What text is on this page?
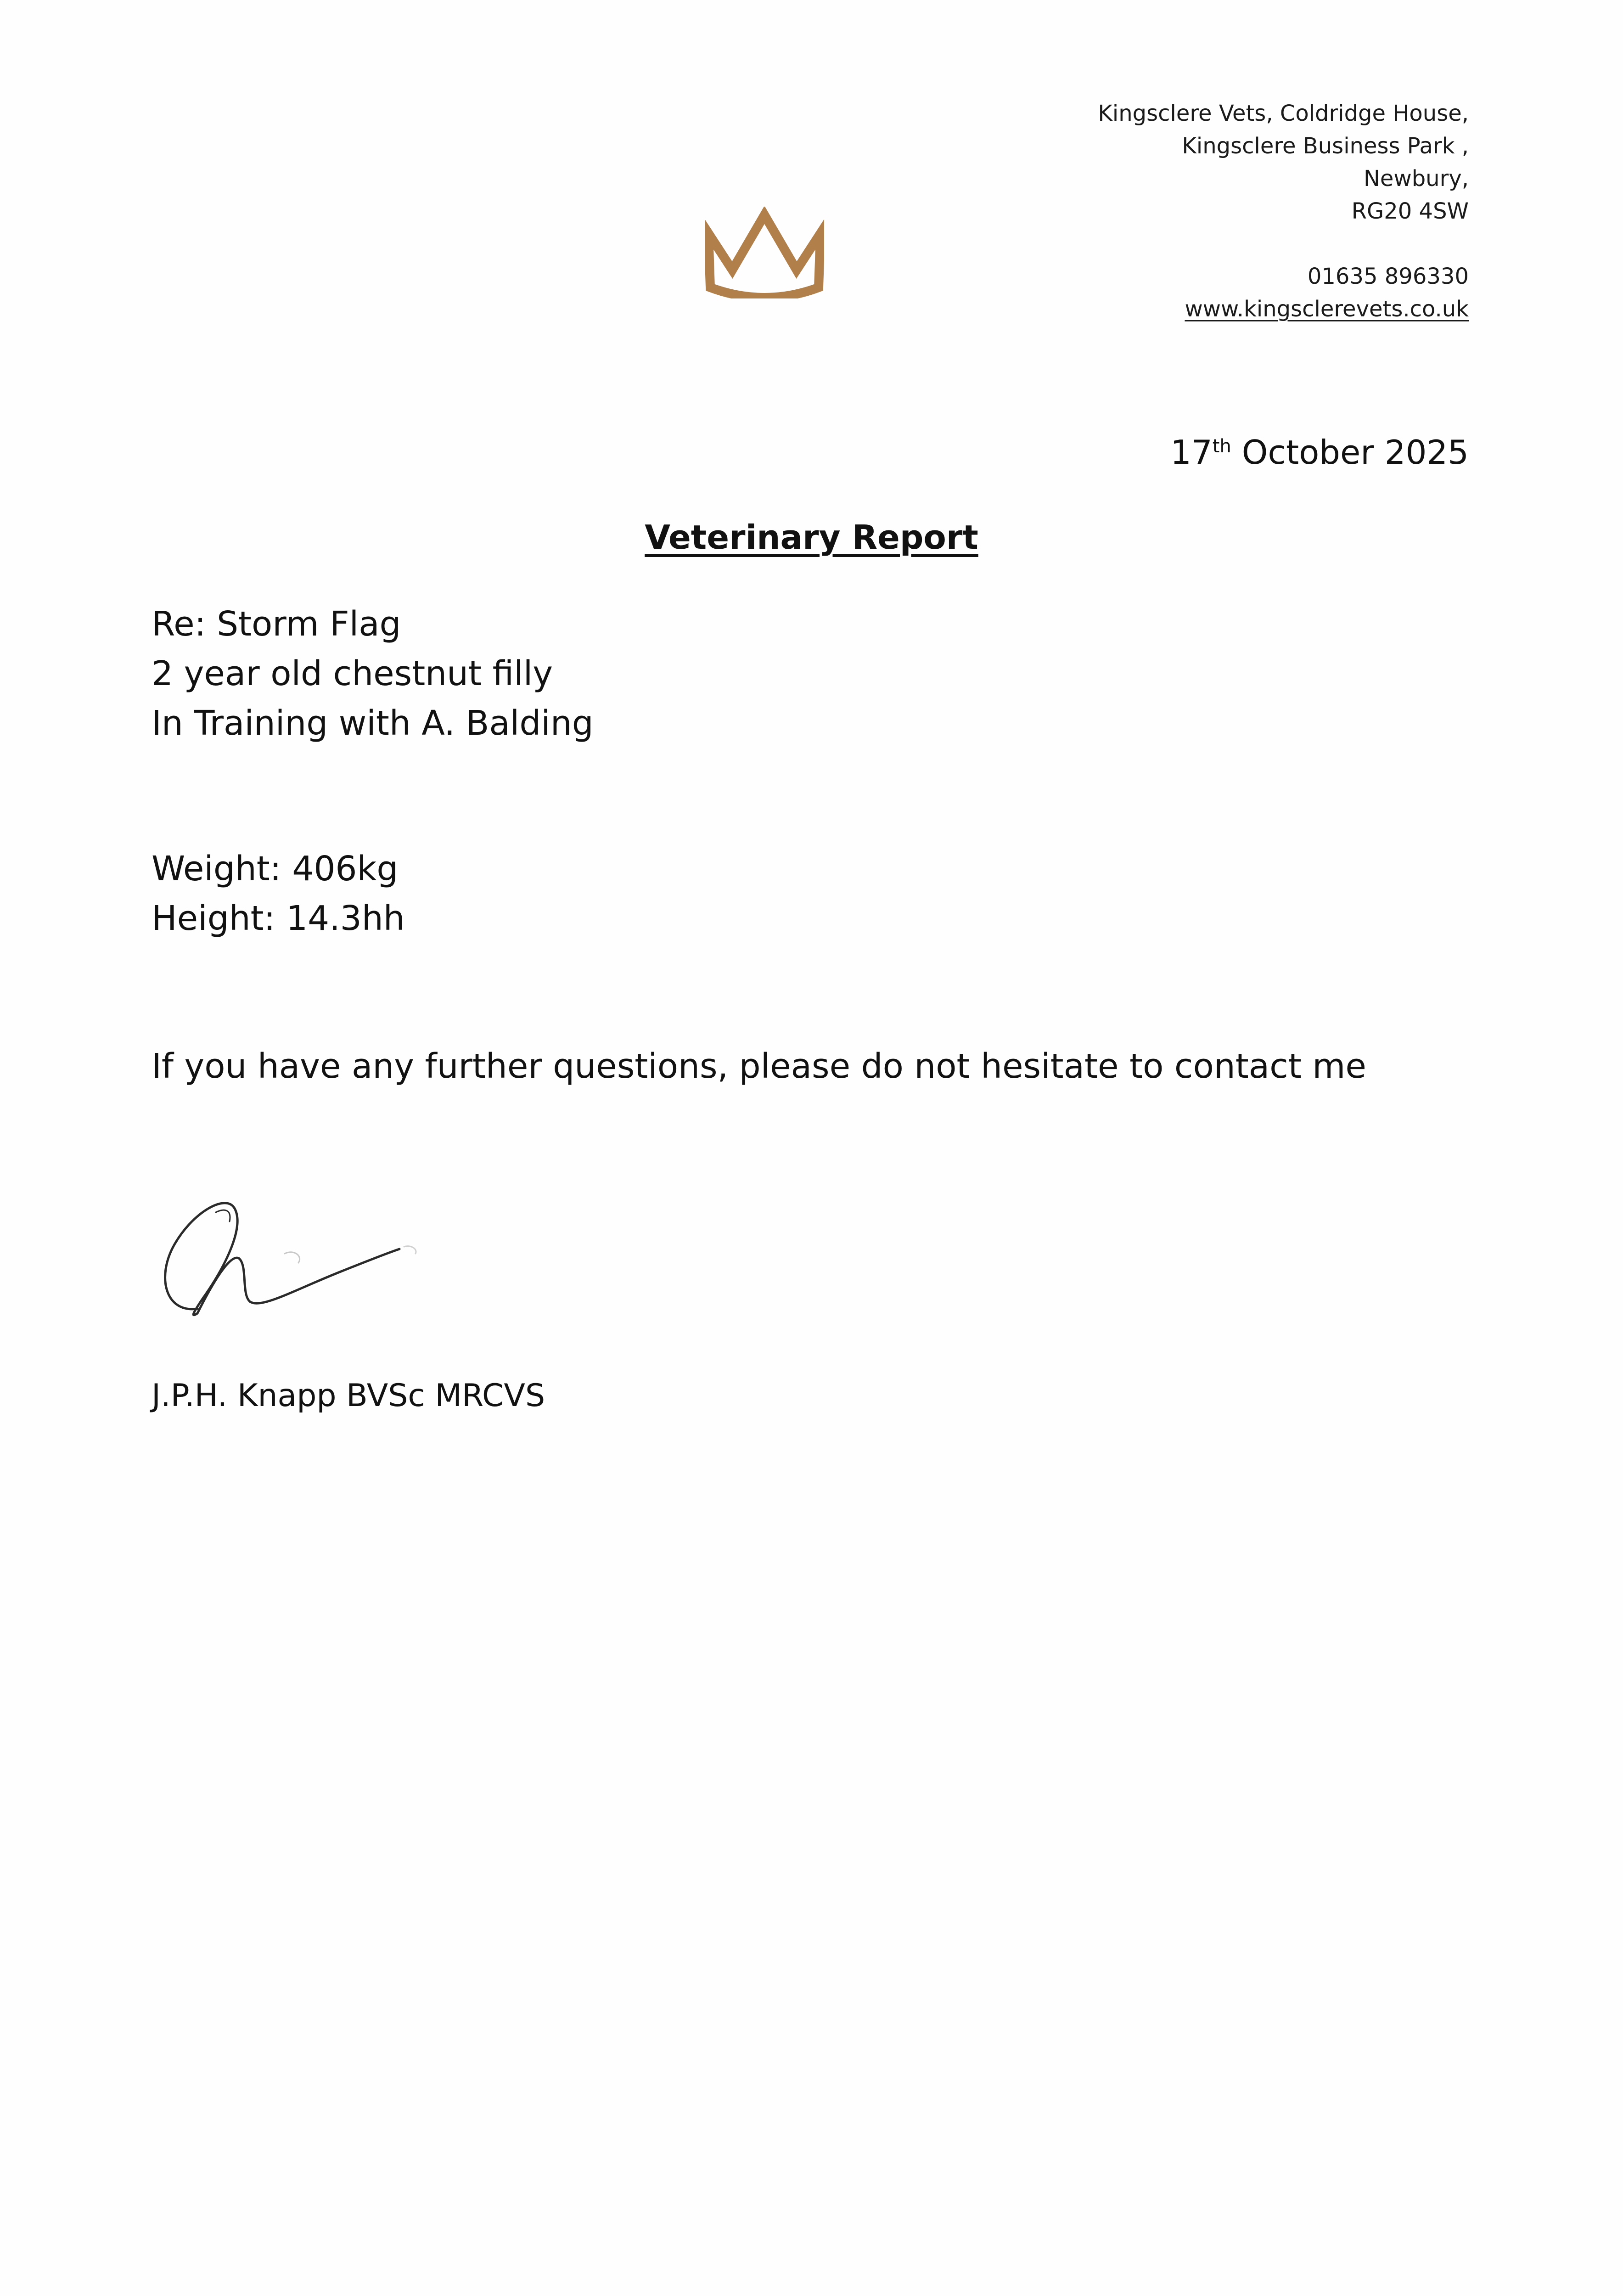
Kingsclere Vets, Coldridge House,
Kingsclere Business Park ,
Newbury,
RG20 4SW
01635 896330
www.kingsclerevets.co.uk
17th October 2025
Veterinary Report
Re: Storm Flag
2 year old chestnut filly
In Training with A. Balding
Weight: 406kg
Height: 14.3hh
If you have any further questions, please do not hesitate to contact me
J.P.H. Knapp BVSc MRCVS
